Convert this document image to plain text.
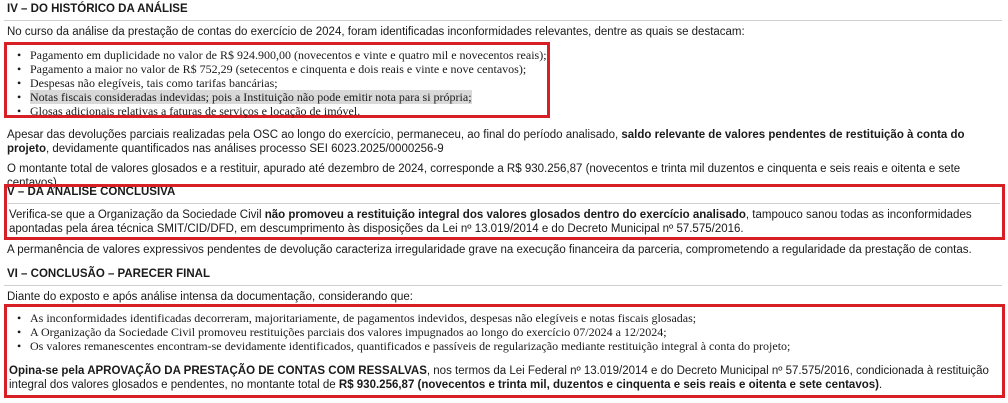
IV – DO HISTÓRICO DA ANÁLISE
No curso da análise da prestação de contas do exercício de 2024, foram identificadas inconformidades relevantes, dentre as quais se destacam:
• Pagamento em duplicidade no valor de R$ 924.900,00 (novecentos e vinte e quatro mil e novecentos reais);
• Pagamento a maior no valor de R$ 752,29 (setecentos e cinquenta e dois reais e vinte e nove centavos);
• Despesas não elegíveis, tais como tarifas bancárias;
• Notas fiscais consideradas indevidas; pois a Instituição não pode emitir nota para si própria;
• Glosas adicionais relativas a faturas de serviços e locação de imóvel.
Apesar das devoluções parciais realizadas pela OSC ao longo do exercício, permaneceu, ao final do período analisado, saldo relevante de valores pendentes de restituição à conta do projeto, devidamente quantificados nas análises processo SEI 6023.2025/0000256-9
O montante total de valores glosados e a restituir, apurado até dezembro de 2024, corresponde a R$ 930.256,87 (novecentos e trinta mil duzentos e cinquenta e seis reais e oitenta e sete centavos).
V – DA ANÁLISE CONCLUSIVA
Verifica-se que a Organização da Sociedade Civil não promoveu a restituição integral dos valores glosados dentro do exercício analisado, tampouco sanou todas as inconformidades apontadas pela área técnica SMIT/CID/DFD, em descumprimento às disposições da Lei nº 13.019/2014 e do Decreto Municipal nº 57.575/2016.
A permanência de valores expressivos pendentes de devolução caracteriza irregularidade grave na execução financeira da parceria, comprometendo a regularidade da prestação de contas.
VI – CONCLUSÃO – PARECER FINAL
Diante do exposto e após análise intensa da documentação, considerando que:
• As inconformidades identificadas decorreram, majoritariamente, de pagamentos indevidos, despesas não elegíveis e notas fiscais glosadas;
• A Organização da Sociedade Civil promoveu restituições parciais dos valores impugnados ao longo do exercício 07/2024 a 12/2024;
• Os valores remanescentes encontram-se devidamente identificados, quantificados e passíveis de regularização mediante restituição integral à conta do projeto;
Opina-se pela APROVAÇÃO DA PRESTAÇÃO DE CONTAS COM RESSALVAS, nos termos da Lei Federal nº 13.019/2014 e do Decreto Municipal nº 57.575/2016, condicionada à restituição integral dos valores glosados e pendentes, no montante total de R$ 930.256,87 (novecentos e trinta mil, duzentos e cinquenta e seis reais e oitenta e sete centavos).
